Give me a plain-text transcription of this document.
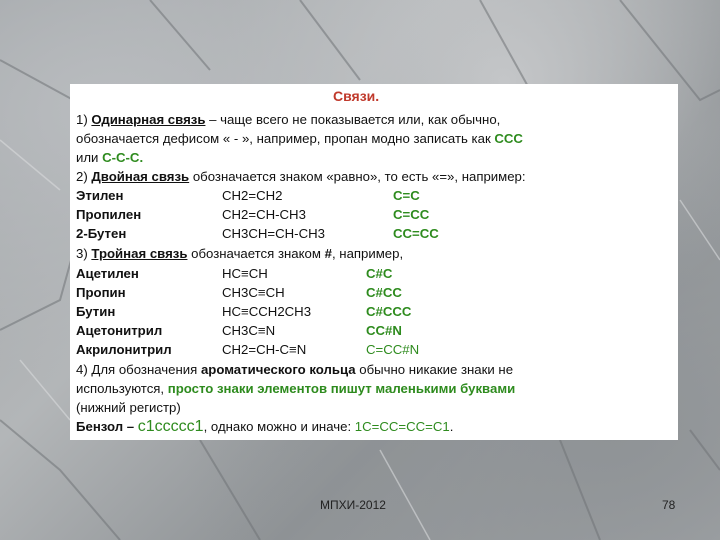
Связи.
1) Одинарная связь – чаще всего не показывается или, как обычно,
обозначается дефисом « - », например, пропан модно записать как CCC
или C-C-C.
2) Двойная связь обозначается знаком «равно», то есть «=», например:
Этилен	CH2=CH2	C=C
Пропилен	CH2=CH-CH3	C=CC
2-Бутен	CH3CH=CH-CH3	CC=CC
3) Тройная связь обозначается знаком #, например,
Ацетилен	HC≡CH	C#C
Пропин	CH3C≡CH	C#CC
Бутин	HC≡CCH2CH3	C#CCC
Ацетонитрил	CH3C≡N	CC#N
Акрилонитрил	CH2=CH-C≡N	C=CC#N
4) Для обозначения ароматического кольца обычно никакие знаки не
используются, просто знаки элементов пишут маленькими буквами
(нижний регистр)
Бензол – c1ccccc1, однако можно и иначе: 1C=CC=CC=C1.
МПХИ-2012	78
